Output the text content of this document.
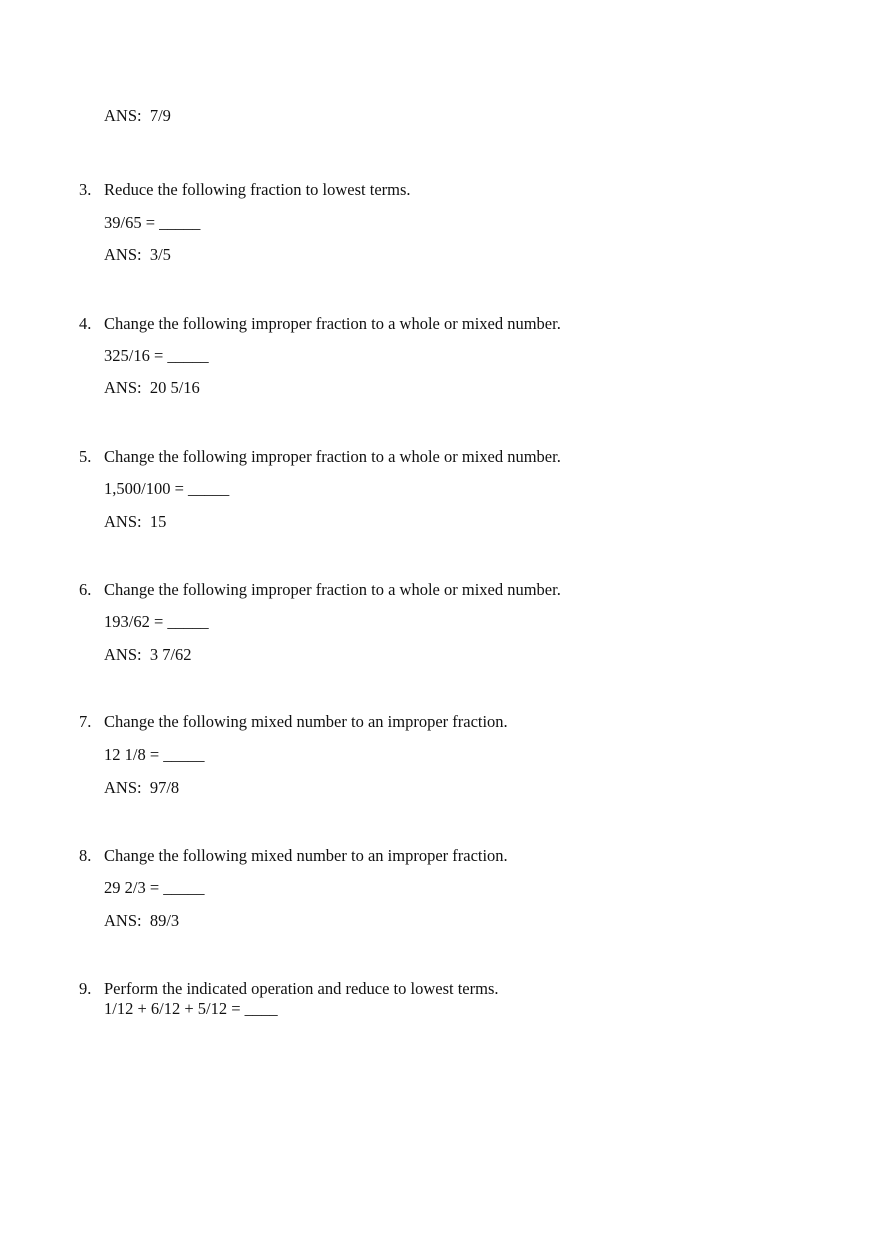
ANS:  7/9
3. Reduce the following fraction to lowest terms.
39/65 = _____
ANS:  3/5
4. Change the following improper fraction to a whole or mixed number.
325/16 = _____
ANS:  20 5/16
5. Change the following improper fraction to a whole or mixed number.
1,500/100 = _____
ANS:  15
6. Change the following improper fraction to a whole or mixed number.
193/62 = _____
ANS:  3 7/62
7. Change the following mixed number to an improper fraction.
12 1/8 = _____
ANS:  97/8
8. Change the following mixed number to an improper fraction.
29 2/3 = _____
ANS:  89/3
9. Perform the indicated operation and reduce to lowest terms.
1/12 + 6/12 + 5/12 = ____
